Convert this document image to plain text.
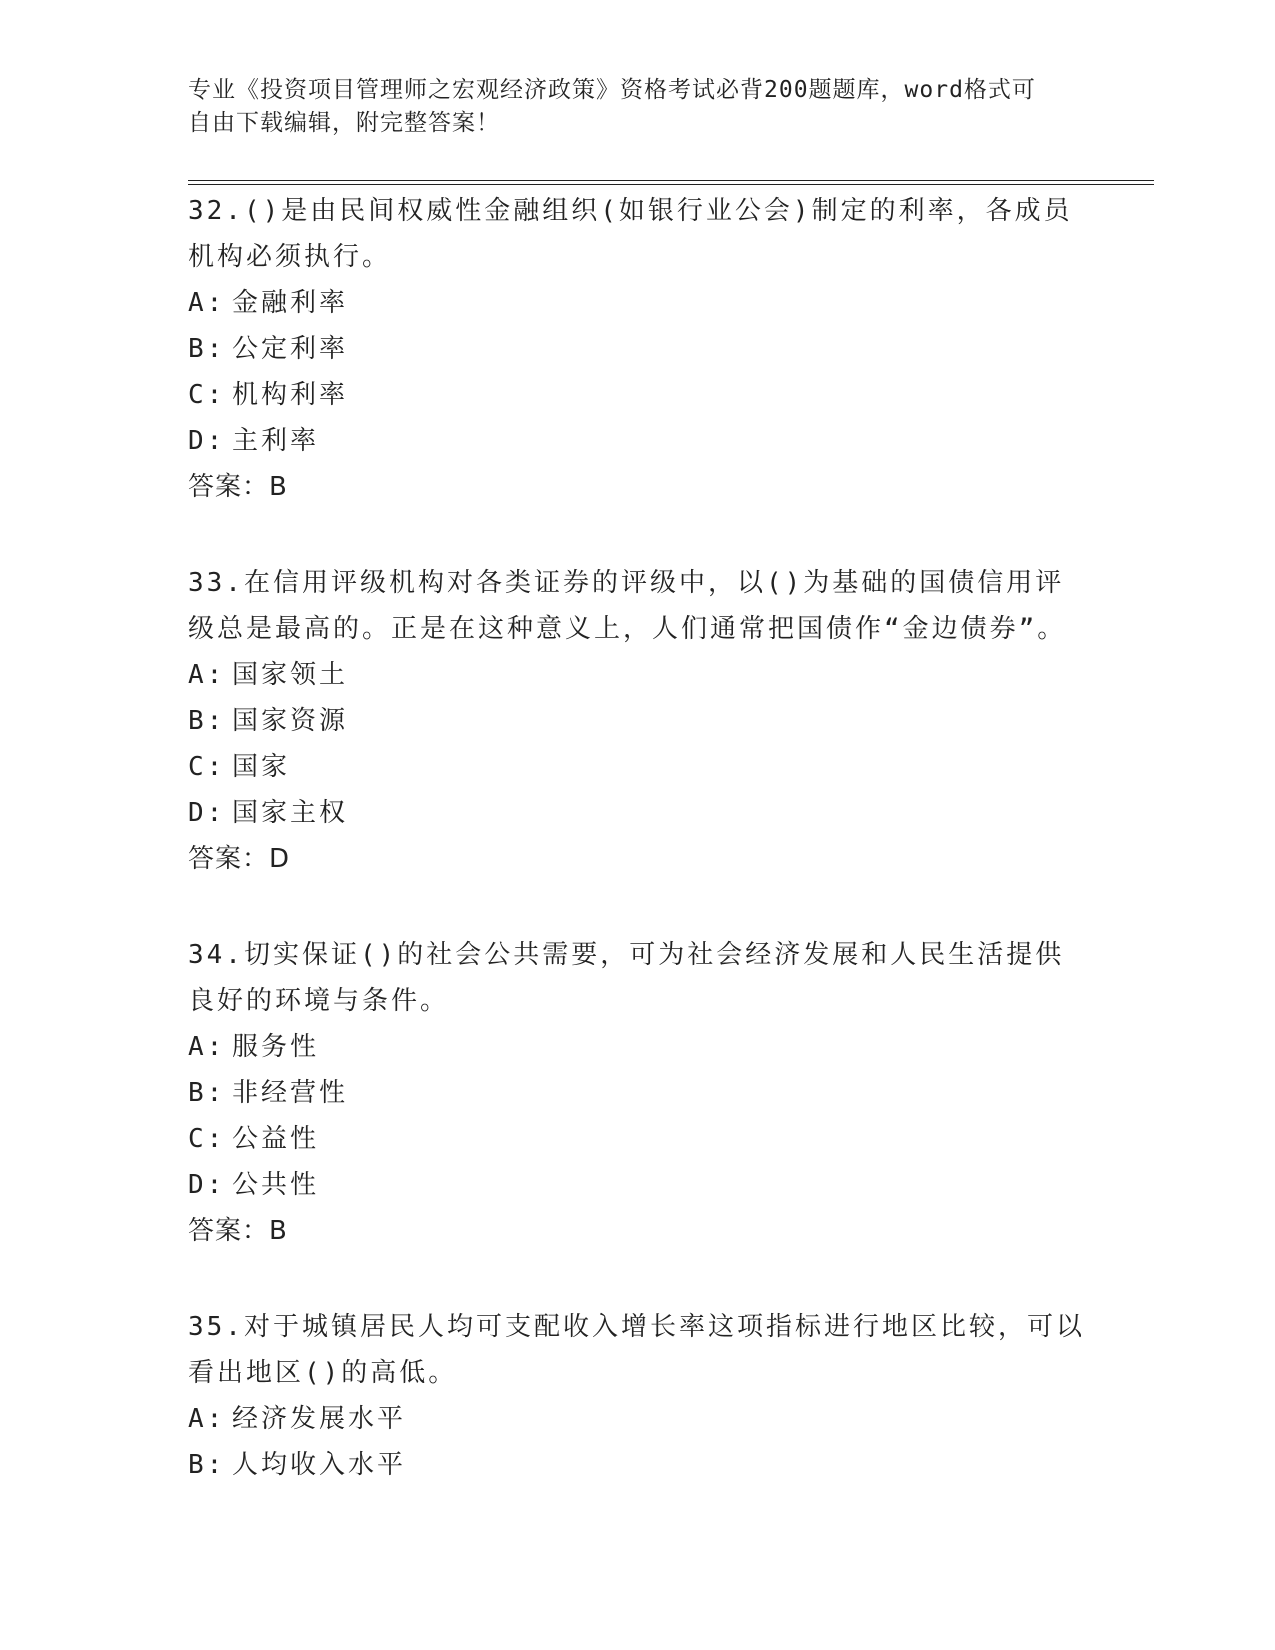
专业《投资项目管理师之宏观经济政策》资格考试必背200题题库，word格式可
自由下载编辑，附完整答案！

32.()是由民间权威性金融组织(如银行业公会)制定的利率，各成员机构必须执行。

A: 金融利率

B: 公定利率

C: 机构利率

D: 主利率

答案：B

33.在信用评级机构对各类证券的评级中，以()为基础的国债信用评级总是最高的。正是在这种意义上，人们通常把国债作“金边债券”。

A: 国家领土

B: 国家资源

C: 国家

D: 国家主权

答案：D

34.切实保证()的社会公共需要，可为社会经济发展和人民生活提供良好的环境与条件。

A: 服务性

B: 非经营性

C: 公益性

D: 公共性

答案：B

35.对于城镇居民人均可支配收入增长率这项指标进行地区比较，可以看出地区()的高低。

A: 经济发展水平

B: 人均收入水平
